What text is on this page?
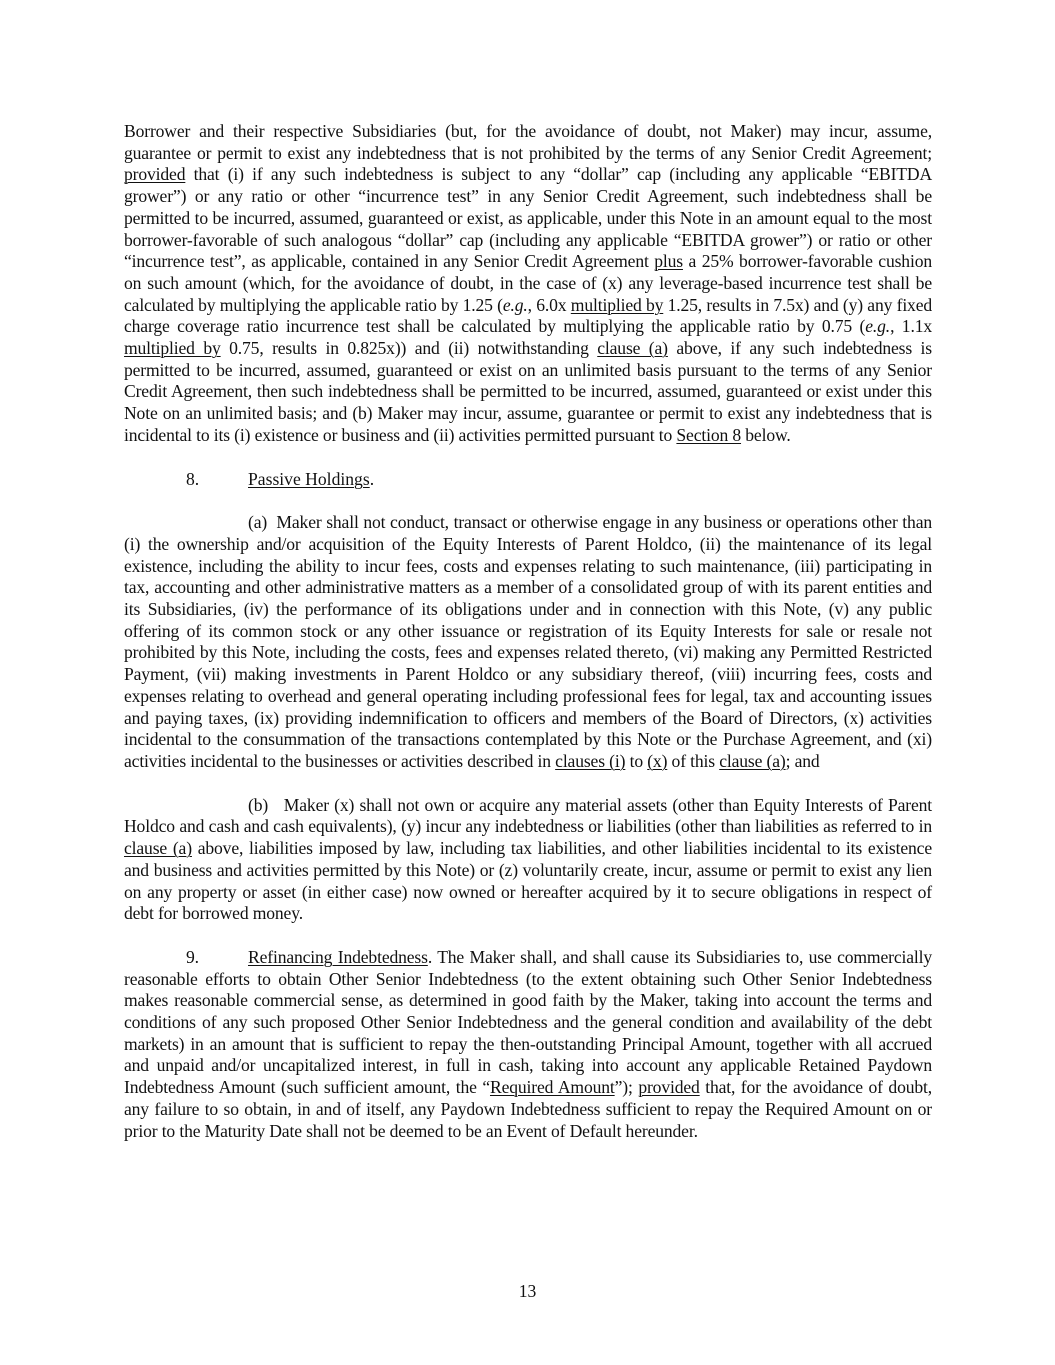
Borrower and their respective Subsidiaries (but, for the avoidance of doubt, not Maker) may incur, assume, guarantee or permit to exist any indebtedness that is not prohibited by the terms of any Senior Credit Agreement; provided that (i) if any such indebtedness is subject to any “dollar” cap (including any applicable “EBITDA grower”) or any ratio or other “incurrence test” in any Senior Credit Agreement, such indebtedness shall be permitted to be incurred, assumed, guaranteed or exist, as applicable, under this Note in an amount equal to the most borrower-favorable of such analogous “dollar” cap (including any applicable “EBITDA grower”) or ratio or other “incurrence test”, as applicable, contained in any Senior Credit Agreement plus a 25% borrower-favorable cushion on such amount (which, for the avoidance of doubt, in the case of (x) any leverage-based incurrence test shall be calculated by multiplying the applicable ratio by 1.25 (e.g., 6.0x multiplied by 1.25, results in 7.5x) and (y) any fixed charge coverage ratio incurrence test shall be calculated by multiplying the applicable ratio by 0.75 (e.g., 1.1x multiplied by 0.75, results in 0.825x)) and (ii) notwithstanding clause (a) above, if any such indebtedness is permitted to be incurred, assumed, guaranteed or exist on an unlimited basis pursuant to the terms of any Senior Credit Agreement, then such indebtedness shall be permitted to be incurred, assumed, guaranteed or exist under this Note on an unlimited basis; and (b) Maker may incur, assume, guarantee or permit to exist any indebtedness that is incidental to its (i) existence or business and (ii) activities permitted pursuant to Section 8 below.

8.	Passive Holdings.

(a)  Maker shall not conduct, transact or otherwise engage in any business or operations other than (i) the ownership and/or acquisition of the Equity Interests of Parent Holdco, (ii) the maintenance of its legal existence, including the ability to incur fees, costs and expenses relating to such maintenance, (iii) participating in tax, accounting and other administrative matters as a member of a consolidated group of with its parent entities and its Subsidiaries, (iv) the performance of its obligations under and in connection with this Note, (v) any public offering of its common stock or any other issuance or registration of its Equity Interests for sale or resale not prohibited by this Note, including the costs, fees and expenses related thereto, (vi) making any Permitted Restricted Payment, (vii) making investments in Parent Holdco or any subsidiary thereof, (viii) incurring fees, costs and expenses relating to overhead and general operating including professional fees for legal, tax and accounting issues and paying taxes, (ix) providing indemnification to officers and members of the Board of Directors, (x) activities incidental to the consummation of the transactions contemplated by this Note or the Purchase Agreement, and (xi) activities incidental to the businesses or activities described in clauses (i) to (x) of this clause (a); and

(b)   Maker (x) shall not own or acquire any material assets (other than Equity Interests of Parent Holdco and cash and cash equivalents), (y) incur any indebtedness or liabilities (other than liabilities as referred to in clause (a) above, liabilities imposed by law, including tax liabilities, and other liabilities incidental to its existence and business and activities permitted by this Note) or (z) voluntarily create, incur, assume or permit to exist any lien on any property or asset (in either case) now owned or hereafter acquired by it to secure obligations in respect of debt for borrowed money.

9.	Refinancing Indebtedness. The Maker shall, and shall cause its Subsidiaries to, use commercially reasonable efforts to obtain Other Senior Indebtedness (to the extent obtaining such Other Senior Indebtedness makes reasonable commercial sense, as determined in good faith by the Maker, taking into account the terms and conditions of any such proposed Other Senior Indebtedness and the general condition and availability of the debt markets) in an amount that is sufficient to repay the then-outstanding Principal Amount, together with all accrued and unpaid and/or uncapitalized interest, in full in cash, taking into account any applicable Retained Paydown Indebtedness Amount (such sufficient amount, the “Required Amount”); provided that, for the avoidance of doubt, any failure to so obtain, in and of itself, any Paydown Indebtedness sufficient to repay the Required Amount on or prior to the Maturity Date shall not be deemed to be an Event of Default hereunder.

13
